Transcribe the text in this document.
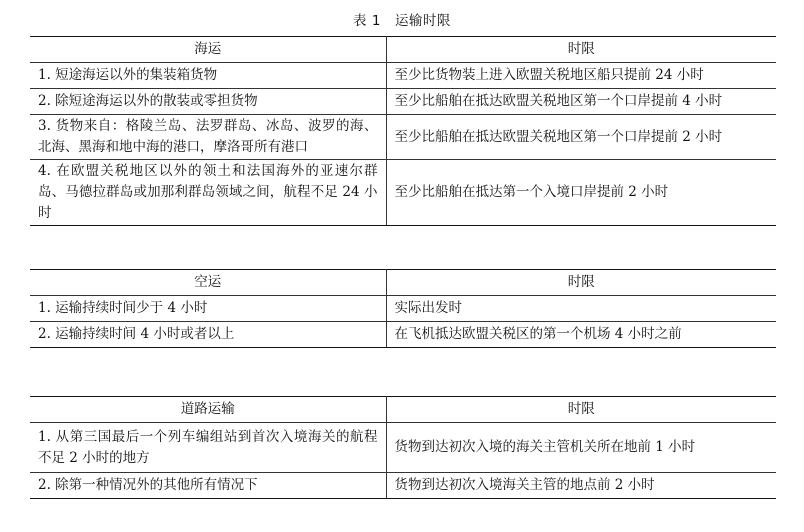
表 1 运输时限
海运	时限
1. 短途海运以外的集装箱货物	至少比货物装上进入欧盟关税地区船只提前 24 小时
2. 除短途海运以外的散装或零担货物	至少比船舶在抵达欧盟关税地区第一个口岸提前 4 小时
3. 货物来自：格陵兰岛、法罗群岛、冰岛、波罗的海、北海、黑海和地中海的港口，摩洛哥所有港口	至少比船舶在抵达欧盟关税地区第一个口岸提前 2 小时
4. 在欧盟关税地区以外的领土和法国海外的亚速尔群岛、马德拉群岛或加那利群岛领域之间，航程不足 24 小时	至少比船舶在抵达第一个入境口岸提前 2 小时
空运	时限
1. 运输持续时间少于 4 小时	实际出发时
2. 运输持续时间 4 小时或者以上	在飞机抵达欧盟关税区的第一个机场 4 小时之前
道路运输	时限
1. 从第三国最后一个列车编组站到首次入境海关的航程不足 2 小时的地方	货物到达初次入境的海关主管机关所在地前 1 小时
2. 除第一种情况外的其他所有情况下	货物到达初次入境海关主管的地点前 2 小时
